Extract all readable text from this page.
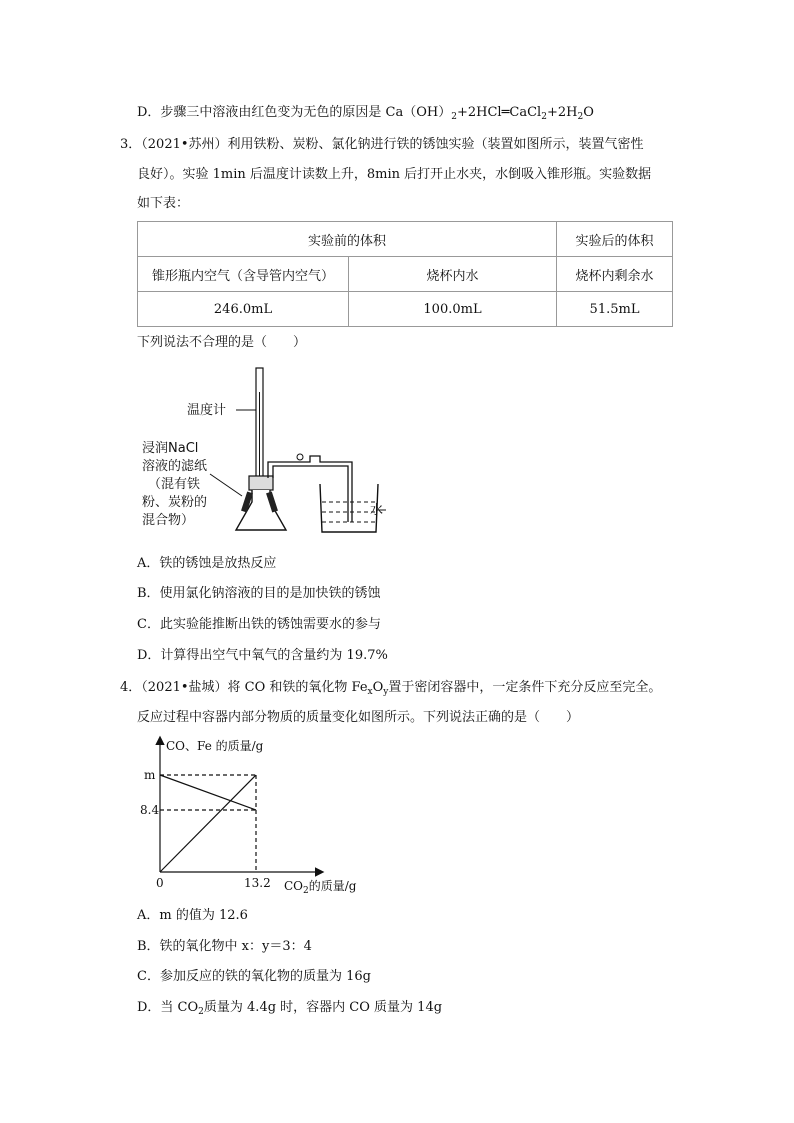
D．步骤三中溶液由红色变为无色的原因是 $Ca(OH)_2+2HCl═CaCl_2+2H_2O$
3．（2021•苏州）利用铁粉、炭粉、氯化钠进行铁的锈蚀实验（装置如图所示，装置气密性
良好）。实验 1min 后温度计读数上升，8min 后打开止水夹，水倒吸入锥形瓶。实验数据
如下表：
实验前的体积		实验后的体积
锥形瓶内空气（含导管内空气）	烧杯内水	烧杯内剩余水
246.0mL	100.0mL	51.5mL
下列说法不合理的是（　　）
温度计
浸润NaCl
溶液的滤纸
（混有铁
粉、炭粉的
混合物）
水
A．铁的锈蚀是放热反应
B．使用氯化钠溶液的目的是加快铁的锈蚀
C．此实验能推断出铁的锈蚀需要水的参与
D．计算得出空气中氧气的含量约为 19.7%
4．（2021•盐城）将 CO 和铁的氧化物 $Fe_xO_y$置于密闭容器中，一定条件下充分反应至完全。
反应过程中容器内部分物质的质量变化如图所示。下列说法正确的是（　　）
CO、Fe 的质量/g
m
8.4
0	13.2 $CO_2$的质量/g
A．m 的值为 12.6
B．铁的氧化物中 x：y＝3：4
C．参加反应的铁的氧化物的质量为 16g
D．当 $CO_2$质量为 4.4g 时，容器内 CO 质量为 14g
